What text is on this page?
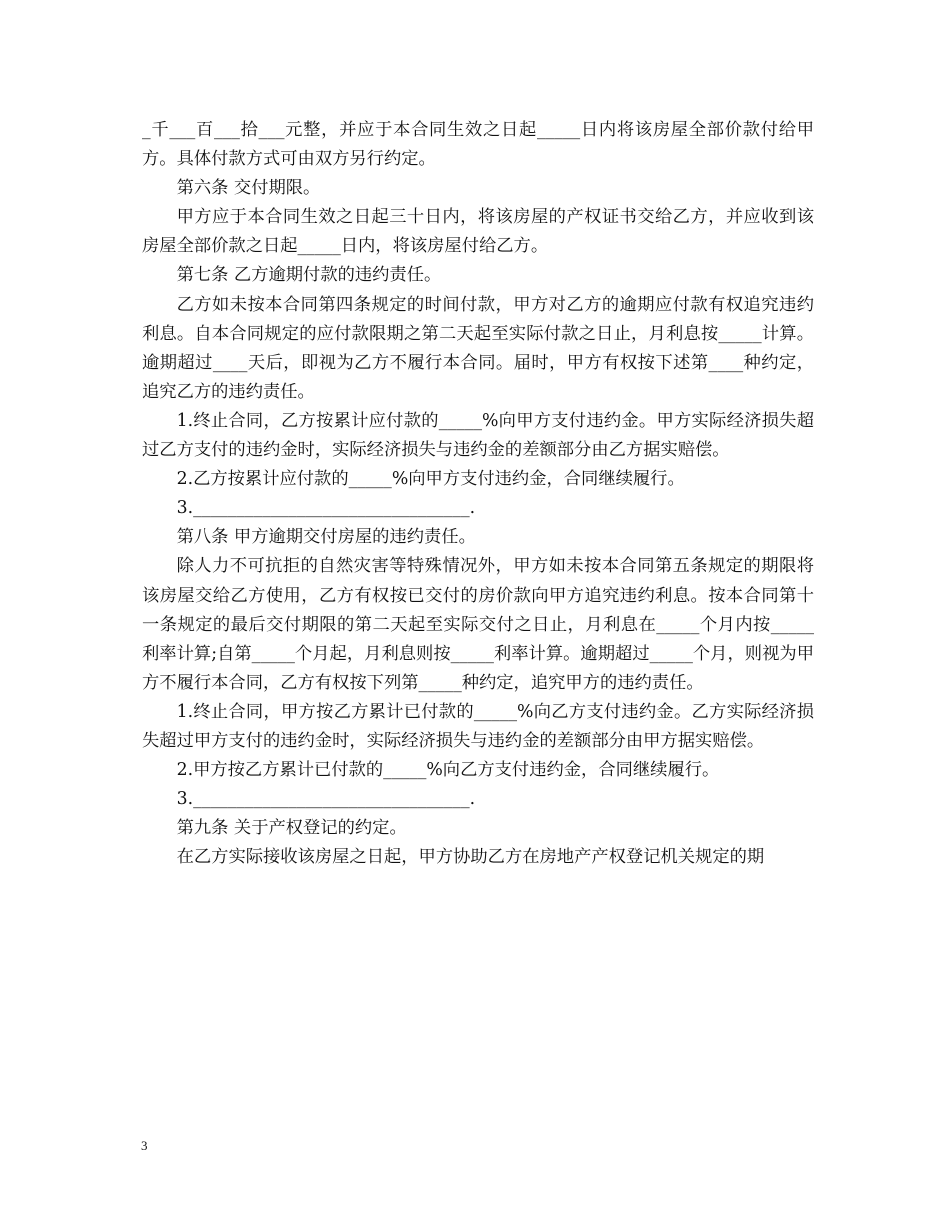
_千___百___拾___元整，并应于本合同生效之日起_____日内将该房屋全部价款付给甲方。具体付款方式可由双方另行约定。

第六条 交付期限。

甲方应于本合同生效之日起三十日内，将该房屋的产权证书交给乙方，并应收到该房屋全部价款之日起_____日内，将该房屋付给乙方。

第七条 乙方逾期付款的违约责任。

乙方如未按本合同第四条规定的时间付款，甲方对乙方的逾期应付款有权追究违约利息。自本合同规定的应付款限期之第二天起至实际付款之日止，月利息按_____计算。逾期超过____天后，即视为乙方不履行本合同。届时，甲方有权按下述第____种约定，追究乙方的违约责任。

1.终止合同，乙方按累计应付款的_____%向甲方支付违约金。甲方实际经济损失超过乙方支付的违约金时，实际经济损失与违约金的差额部分由乙方据实赔偿。

2.乙方按累计应付款的_____%向甲方支付违约金，合同继续履行。

3.________________________________.

第八条 甲方逾期交付房屋的违约责任。

除人力不可抗拒的自然灾害等特殊情况外，甲方如未按本合同第五条规定的期限将该房屋交给乙方使用，乙方有权按已交付的房价款向甲方追究违约利息。按本合同第十一条规定的最后交付期限的第二天起至实际交付之日止，月利息在_____个月内按_____利率计算;自第_____个月起，月利息则按_____利率计算。逾期超过_____个月，则视为甲方不履行本合同，乙方有权按下列第_____种约定，追究甲方的违约责任。

1.终止合同，甲方按乙方累计已付款的_____%向乙方支付违约金。乙方实际经济损失超过甲方支付的违约金时，实际经济损失与违约金的差额部分由甲方据实赔偿。

2.甲方按乙方累计已付款的_____%向乙方支付违约金，合同继续履行。

3.________________________________.

第九条 关于产权登记的约定。

在乙方实际接收该房屋之日起，甲方协助乙方在房地产产权登记机关规定的期

3
